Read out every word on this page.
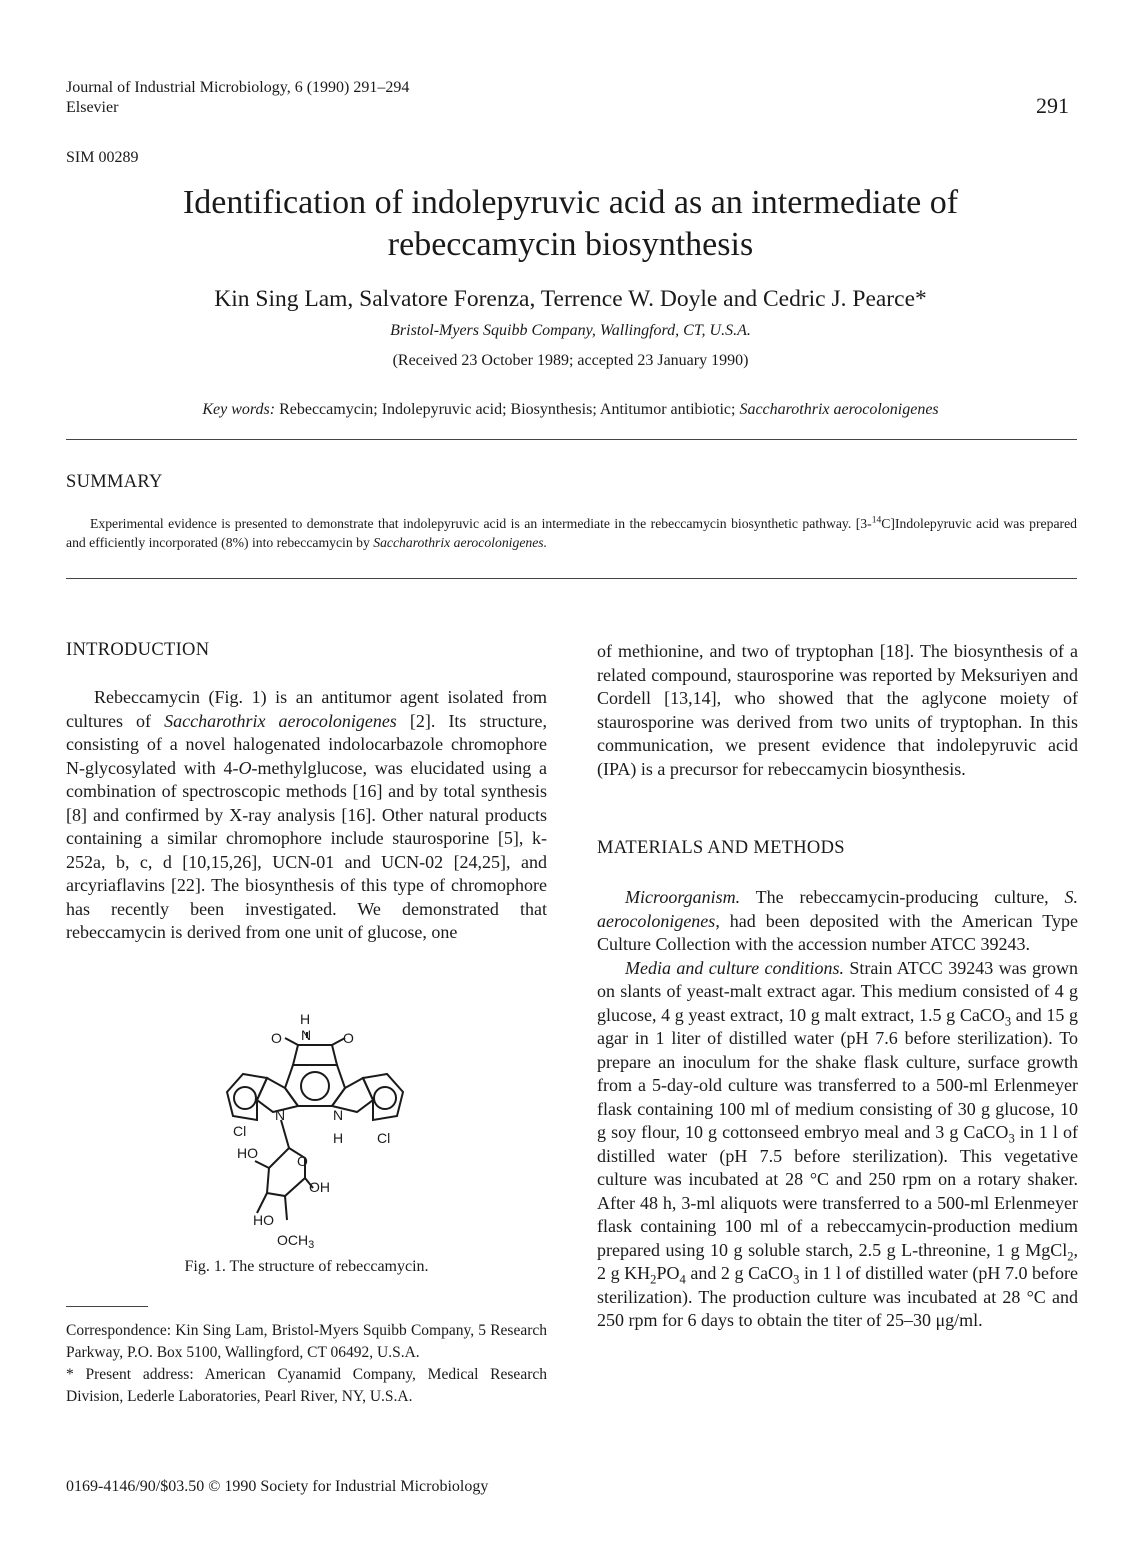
Journal of Industrial Microbiology, 6 (1990) 291–294
Elsevier	291
SIM 00289
Identification of indolepyruvic acid as an intermediate of
rebeccamycin biosynthesis
Kin Sing Lam, Salvatore Forenza, Terrence W. Doyle and Cedric J. Pearce*
Bristol-Myers Squibb Company, Wallingford, CT, U.S.A.
(Received 23 October 1989; accepted 23 January 1990)
Key words: Rebeccamycin; Indolepyruvic acid; Biosynthesis; Antitumor antibiotic; Saccharothrix aerocolonigenes
SUMMARY
Experimental evidence is presented to demonstrate that indolepyruvic acid is an intermediate in the rebeccamycin biosynthetic pathway. [3-$^{14}$C]Indolepyruvic acid was prepared and efficiently incorporated (8%) into rebeccamycin by Saccharothrix aerocolonigenes.
INTRODUCTION

Rebeccamycin (Fig. 1) is an antitumor agent isolated from cultures of Saccharothrix aerocolonigenes [2]. Its structure, consisting of a novel halogenated indolocarbazole chromophore N-glycosylated with 4-O-methylglucose, was elucidated using a combination of spectroscopic methods [16] and by total synthesis [8] and confirmed by X-ray analysis [16]. Other natural products containing a similar chromophore include staurosporine [5], k-252a, b, c, d [10,15,26], UCN-01 and UCN-02 [24,25], and arcyriaflavins [22]. The biosynthesis of this type of chromophore has recently been investigated. We demonstrated that rebeccamycin is derived from one unit of glucose, one

H
N
O	O
N	N
H
Cl	Cl
HO	O
OH
HO
$OCH_3$
Fig. 1. The structure of rebeccamycin.

Correspondence: Kin Sing Lam, Bristol-Myers Squibb Company, 5 Research Parkway, P.O. Box 5100, Wallingford, CT 06492, U.S.A.

* Present address: American Cyanamid Company, Medical Research Division, Lederle Laboratories, Pearl River, NY, U.S.A.

0169-4146/90/$03.50 © 1990 Society for Industrial Microbiology

of methionine, and two of tryptophan [18]. The biosynthesis of a related compound, staurosporine was reported by Meksuriyen and Cordell [13,14], who showed that the aglycone moiety of staurosporine was derived from two units of tryptophan. In this communication, we present evidence that indolepyruvic acid (IPA) is a precursor for rebeccamycin biosynthesis.

MATERIALS AND METHODS

Microorganism. The rebeccamycin-producing culture, S. aerocolonigenes, had been deposited with the American Type Culture Collection with the accession number ATCC 39243.

Media and culture conditions. Strain ATCC 39243 was grown on slants of yeast-malt extract agar. This medium consisted of 4 g glucose, 4 g yeast extract, 10 g malt extract, 1.5 g CaCO$_3$ and 15 g agar in 1 liter of distilled water (pH 7.6 before sterilization). To prepare an inoculum for the shake flask culture, surface growth from a 5-day-old culture was transferred to a 500-ml Erlenmeyer flask containing 100 ml of medium consisting of 30 g glucose, 10 g soy flour, 10 g cottonseed embryo meal and 3 g CaCO$_3$ in 1 l of distilled water (pH 7.5 before sterilization). This vegetative culture was incubated at 28 °C and 250 rpm on a rotary shaker. After 48 h, 3-ml aliquots were transferred to a 500-ml Erlenmeyer flask containing 100 ml of a rebeccamycin-production medium prepared using 10 g soluble starch, 2.5 g L-threonine, 1 g MgCl$_2$, 2 g $KH_2PO_4$ and 2 g CaCO$_3$ in 1 l of distilled water (pH 7.0 before sterilization). The production culture was incubated at 28 °C and 250 rpm for 6 days to obtain the titer of 25–30 μg/ml.
